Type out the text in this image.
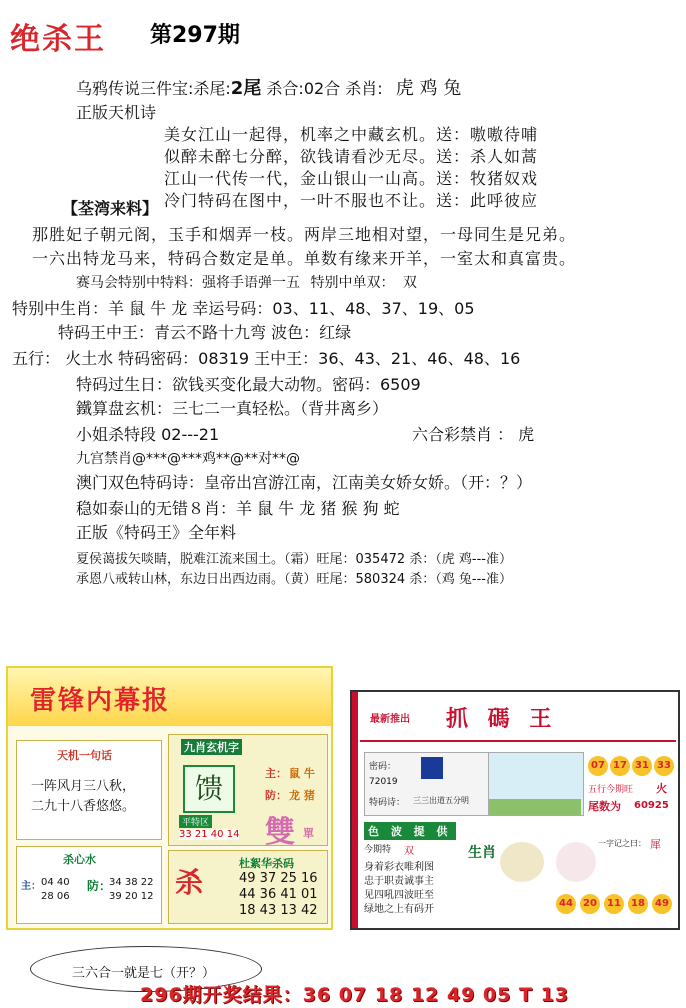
绝杀王 第297期
乌鸦传说三件宝:杀尾:2尾 杀合:02合 杀肖: 虎 鸡 兔
正版天机诗
美女江山一起得，机率之中藏玄机。送：嗷嗷待哺
似醉未醉七分醉，欲钱请看沙无尽。送：杀人如蒿
江山一代传一代，金山银山一山高。送：牧猪奴戏
冷门特码在图中，一叶不服也不让。送：此呼彼应
【荃湾来料】
那胜妃子朝元阁，玉手和烟弄一枝。两岸三地相对望，一母同生是兄弟。
一六出特龙马来，特码合数定是单。单数有缘来开羊，一室太和真富贵。
赛马会特别中特料：强将手语弹一五 特别中单双： 双
特别中生肖：羊 鼠 牛 龙 幸运号码：03、11、48、37、19、05
特码王中王：青云不路十九弯 波色：红绿
五行： 火土水 特码密码：08319 王中王：36、43、21、46、48、16
特码过生日：欲钱买变化最大动物。密码：6509
鐵算盘玄机：三七二一真轻松。（背井离乡）
小姐杀特段 02---21	六合彩禁肖 ： 虎
九宫禁肖@***@***鸡**@**对**@
澳门双色特码诗：皇帝出宫游江南，江南美女娇女娇。（开：？）
稳如泰山的无错８肖：羊 鼠 牛 龙 猪 猴 狗 蛇
正版《特码王》全年料
夏侯蔼拔矢啖睛，脱难江流来国土。（霜）旺尾：035472 杀：（虎 鸡---准）
承恩八戒转山林，东边日出西边雨。（黄）旺尾：580324 杀：（鸡 兔---准）
雷锋内幕报
天机一句话
一阵风月三八秋，
二九十八香悠悠。
九肖玄机字
馈	主： 鼠 牛
防： 龙 猪
平特区
33 21 40 14 雙 單
杀心水
主： 04 40
28 06
防：
34 38 22
39 20 12 杀
杜絮华杀码
49 37 25 16
44 36 41 01
18 43 13 42
最新推出 抓 碼 王
密码：
72019
特码诗： 三三出道五分明
07 17 31 33
五行今期旺 火
尾数为 60925
色 波 提 供
生肖
今期特 双
身着彩衣唯利图
忠于职责诚事主
见四吼四波旺至
绿地之上有码开
一字记之曰： 犀
44	20	11	18	49
三六合一就是七（开？）
296期开奖结果：36 07 18 12 49 05 T 13
